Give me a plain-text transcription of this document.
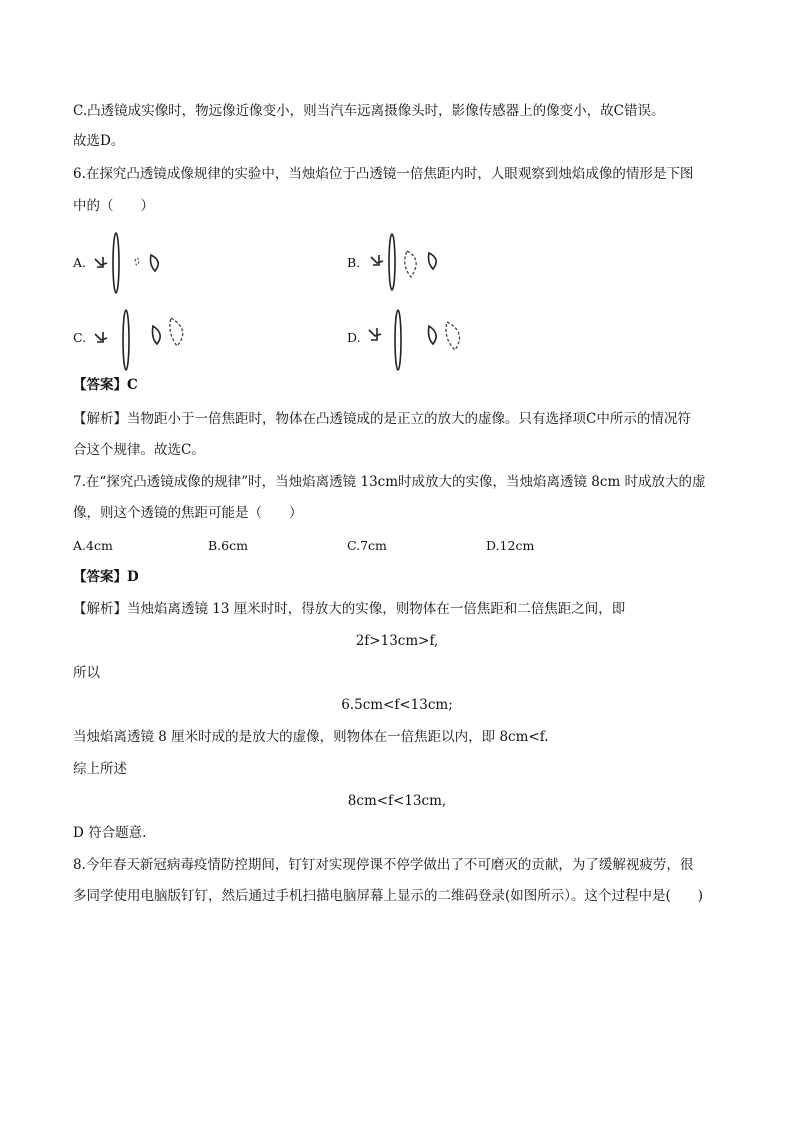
C.凸透镜成实像时，物远像近像变小，则当汽车远离摄像头时，影像传感器上的像变小，故C错误。
故选D。
6.在探究凸透镜成像规律的实验中，当烛焰位于凸透镜一倍焦距内时，人眼观察到烛焰成像的情形是下图
中的（　　）
A.	B.
C.	D.
【答案】C
【解析】当物距小于一倍焦距时，物体在凸透镜成的是正立的放大的虚像。只有选择项C中所示的情况符
合这个规律。故选C。
7.在“探究凸透镜成像的规律”时，当烛焰离透镜 13cm时成放大的实像，当烛焰离透镜 8cm 时成放大的虚
像，则这个透镜的焦距可能是（　　）
A.4cm	B.6cm	C.7cm	D.12cm
【答案】D
【解析】当烛焰离透镜 13 厘米时时，得放大的实像，则物体在一倍焦距和二倍焦距之间，即
2f>13cm>f,
所以
6.5cm<f<13cm;
当烛焰离透镜 8 厘米时成的是放大的虚像，则物体在一倍焦距以内，即 8cm<f.
综上所述
8cm<f<13cm,
D 符合题意.
8.今年春天新冠病毒疫情防控期间，钉钉对实现停课不停学做出了不可磨灭的贡献，为了缓解视疲劳，很
多同学使用电脑版钉钉，然后通过手机扫描电脑屏幕上显示的二维码登录(如图所示）。这个过程中是(　　)
